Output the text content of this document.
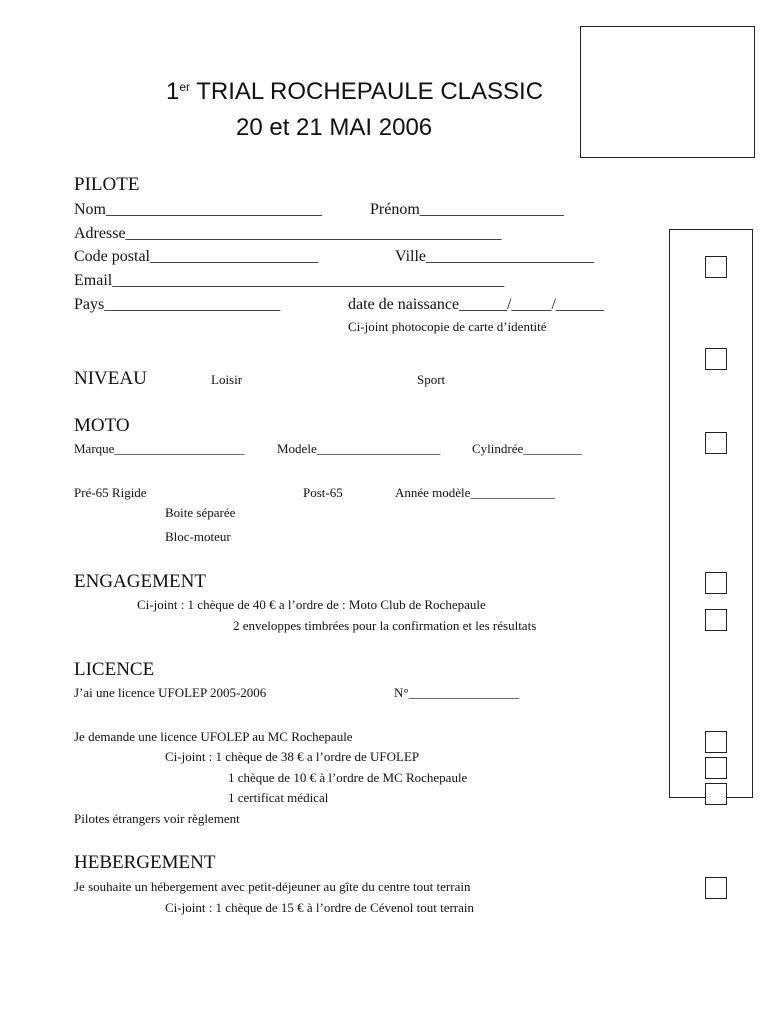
1er TRIAL ROCHEPAULE CLASSIC
20 et 21 MAI 2006
PILOTE
Nom___________________________	Prénom__________________
Adresse_______________________________________________
Code postal_____________________	Ville_____________________
Email_________________________________________________
Pays______________________	date de naissance______/_____/______
Ci-joint photocopie de carte d’identité
NIVEAU	Loisir	Sport
MOTO
Marque____________________	Modele___________________ Cylindrée_________
Pré-65 Rigide	Post-65	Année modèle_____________
Boite séparée
Bloc-moteur
ENGAGEMENT
Ci-joint : 1 chèque de 40 € a l’ordre de : Moto Club de Rochepaule
2 enveloppes timbrées pour la confirmation et les résultats
LICENCE
J’ai une licence UFOLEP 2005-2006	N°_________________
Je demande une licence UFOLEP au MC Rochepaule
Ci-joint : 1 chèque de 38 € a l’ordre de UFOLEP
1 chèque de 10 € à l’ordre de MC Rochepaule
1 certificat médical
Pilotes étrangers voir règlement
HEBERGEMENT
Je souhaite un hébergement avec petit-déjeuner au gîte du centre tout terrain
Ci-joint : 1 chèque de 15 € à l’ordre de Cévenol tout terrain
